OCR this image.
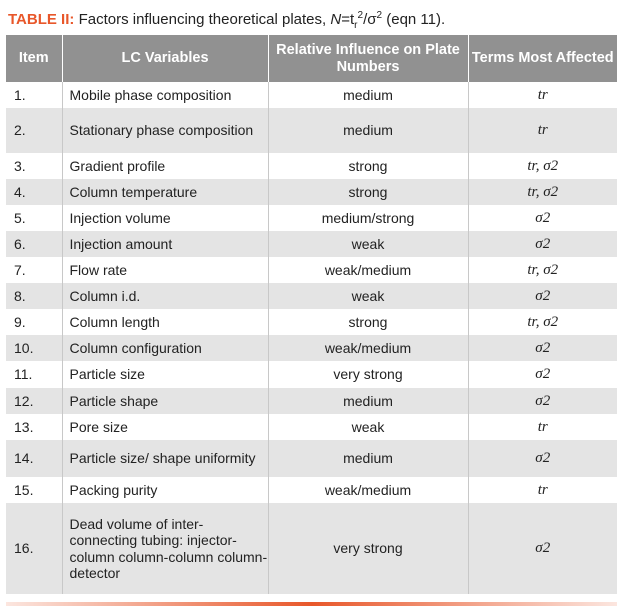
TABLE II: Factors influencing theoretical plates, $N=t_r^2/\sigma^2$ (eqn 11).
Item	LC Variables	Relative Influence on Plate Numbers	Terms Most Affected
1.	Mobile phase composition	medium	tr
2.	Stationary phase composition	medium	tr
3.	Gradient profile	strong	tr, σ2
4.	Column temperature	strong	tr, σ2
5.	Injection volume	medium/strong	σ2
6.	Injection amount	weak	σ2
7.	Flow rate	weak/medium	tr, σ2
8.	Column i.d.	weak	σ2
9.	Column length	strong	tr, σ2
10.	Column configuration	weak/medium	σ2
11.	Particle size	very strong	σ2
12.	Particle shape	medium	σ2
13.	Pore size	weak	tr
14.	Particle size/ shape uniformity	medium	σ2
15.	Packing purity	weak/medium	tr
16.	Dead volume of inter-connecting tubing: injector-column column-column column-detector	very strong	σ2
